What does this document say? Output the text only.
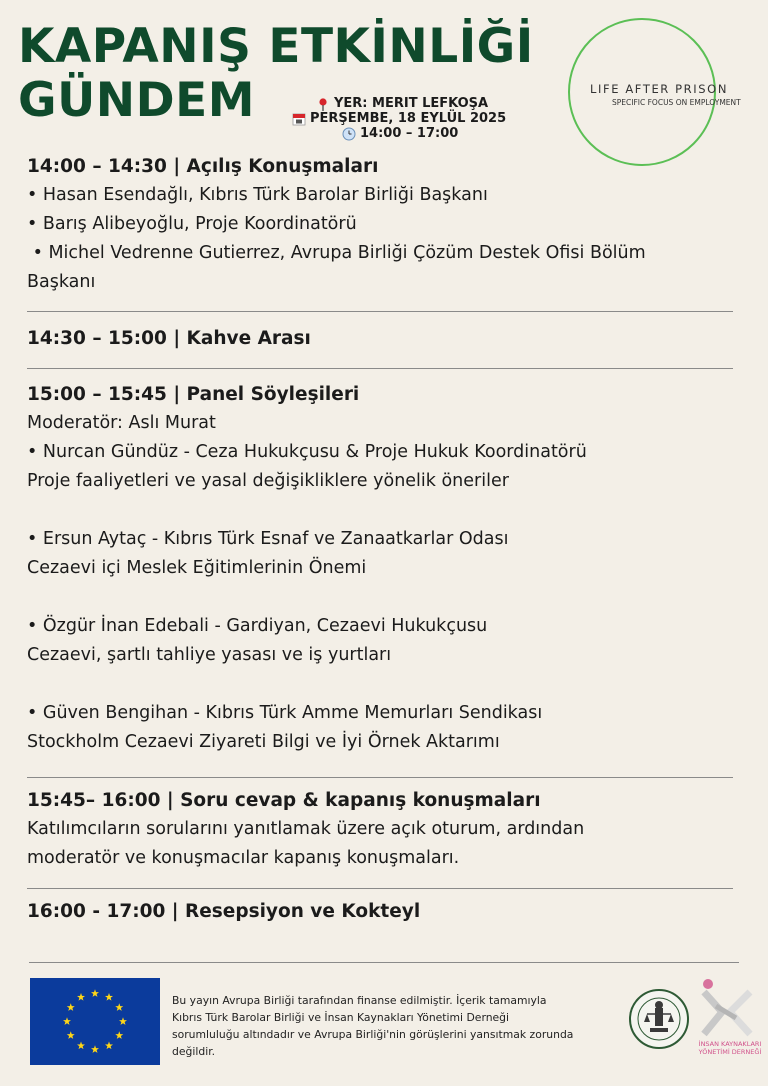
KAPANIŞ ETKİNLİĞİ
GÜNDEM	YER: MERIT LEFKOŞA
PERŞEMBE, 18 EYLÜL 2025
14:00 – 17:00
LIFE AFTER PRISON
SPECIFIC FOCUS ON EMPLOYMENT
14:00 – 14:30 | Açılış Konuşmaları
• Hasan Esendağlı, Kıbrıs Türk Barolar Birliği Başkanı
• Barış Alibeyoğlu, Proje Koordinatörü
• Michel Vedrenne Gutierrez, Avrupa Birliği Çözüm Destek Ofisi Bölüm
Başkanı
14:30 – 15:00 | Kahve Arası
15:00 – 15:45 | Panel Söyleşileri
Moderatör: Aslı Murat
• Nurcan Gündüz - Ceza Hukukçusu & Proje Hukuk Koordinatörü
Proje faaliyetleri ve yasal değişikliklere yönelik öneriler
• Ersun Aytaç - Kıbrıs Türk Esnaf ve Zanaatkarlar Odası
Cezaevi içi Meslek Eğitimlerinin Önemi
• Özgür İnan Edebali - Gardiyan, Cezaevi Hukukçusu
Cezaevi, şartlı tahliye yasası ve iş yurtları
• Güven Bengihan - Kıbrıs Türk Amme Memurları Sendikası
Stockholm Cezaevi Ziyareti Bilgi ve İyi Örnek Aktarımı
15:45– 16:00 | Soru cevap & kapanış konuşmaları
Katılımcıların sorularını yanıtlamak üzere açık oturum, ardından
moderatör ve konuşmacılar kapanış konuşmaları.
16:00 - 17:00 | Resepsiyon ve Kokteyl
Bu yayın Avrupa Birliği tarafından finanse edilmiştir. İçerik tamamıyla
Kıbrıs Türk Barolar Birliği ve İnsan Kaynakları Yönetimi Derneği
sorumluluğu altındadır ve Avrupa Birliği'nin görüşlerini yansıtmak zorunda
değildir.
İNSAN KAYNAKLARI
YÖNETİMİ DERNEĞİ
